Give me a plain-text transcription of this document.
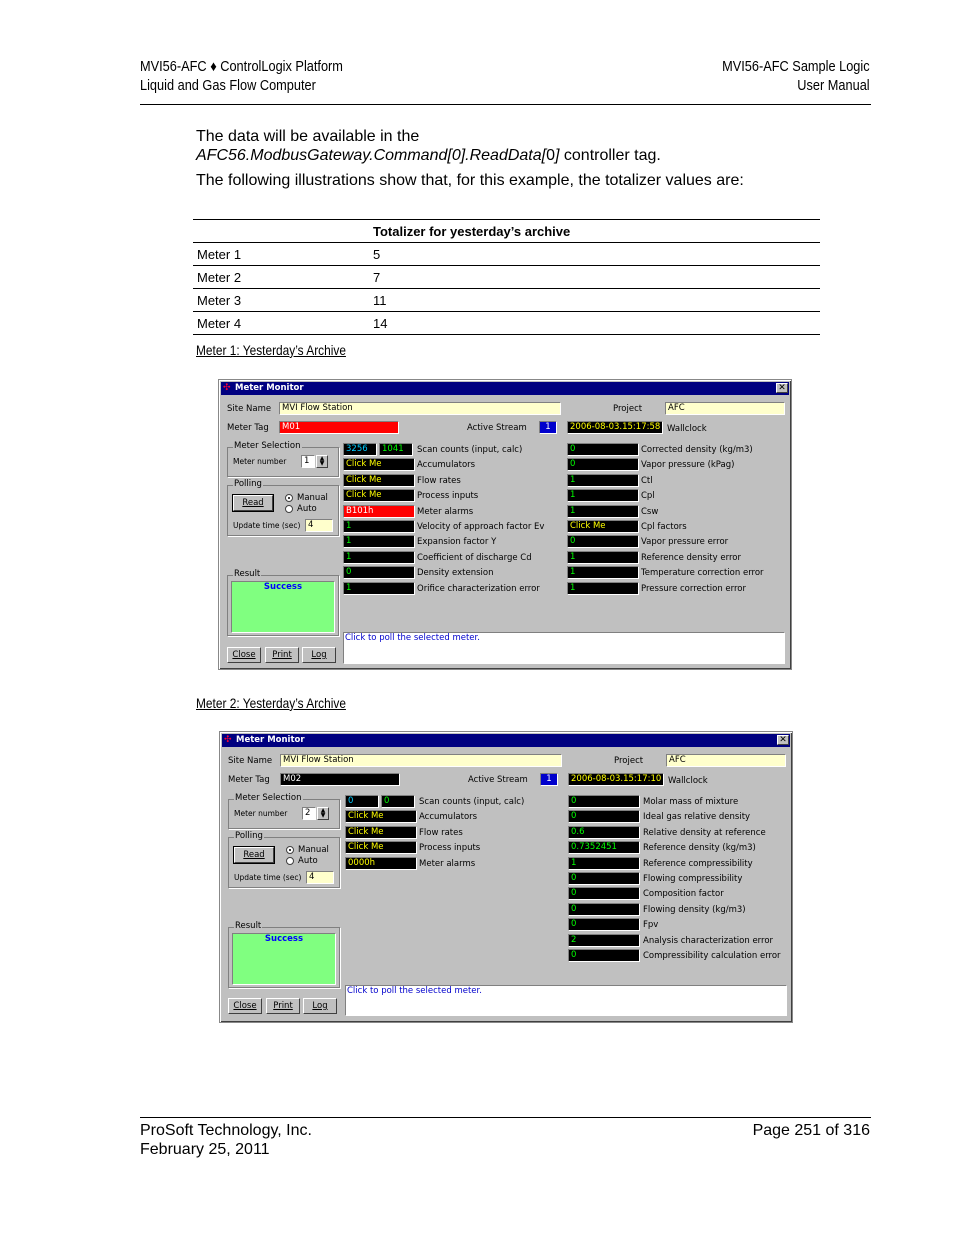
MVI56-AFC ♦ ControlLogix Platform
Liquid and Gas Flow Computer
MVI56-AFC Sample Logic
User Manual
The data will be available in the
AFC56.ModbusGateway.Command[0].ReadData[0] controller tag.
The following illustrations show that, for this example, the totalizer values are:
	Totalizer for yesterday’s archive
Meter 1	5
Meter 2	7
Meter 3	11
Meter 4	14
Meter 1: Yesterday’s Archive
✣ Meter Monitor	✕
Site Name	MVI Flow Station	Project	AFC
Meter Tag	M01	Active Stream	1	2006-08-03.15:17:58 Wallclock
Meter Selection
Meter number	1	▲
▼
Polling
Read	Manual
Auto
Update time (sec) 4
Result
Success
Close	Print	Log
Click to poll the selected meter.
3256	1041	Scan counts (input, calc)
Click Me	Accumulators
Click Me	Flow rates
Click Me	Process inputs
B101h	Meter alarms
1	Velocity of approach factor Ev
1	Expansion factor Y
1	Coefficient of discharge Cd
0	Density extension
1	Orifice characterization error
0	Corrected density (kg/m3)
0	Vapor pressure (kPag)
1	Ctl
1	Cpl
1	Csw
Click Me	Cpl factors
0	Vapor pressure error
1	Reference density error
1	Temperature correction error
1	Pressure correction error
Meter 2: Yesterday’s Archive
✣ Meter Monitor	✕
Site Name	MVI Flow Station	Project	AFC
Meter Tag	M02	Active Stream	1	2006-08-03.15:17:10 Wallclock
Meter Selection
Meter number	2	▲
▼
Polling
Read	Manual
Auto
Update time (sec) 4
Result
Success
Close	Print	Log
Click to poll the selected meter.
0	0	Scan counts (input, calc)
Click Me	Accumulators
Click Me	Flow rates
Click Me	Process inputs
0000h	Meter alarms
0	Molar mass of mixture
0	Ideal gas relative density
0.6	Relative density at reference
0.7352451	Reference density (kg/m3)
1	Reference compressibility
0	Flowing compressibility
0	Composition factor
0	Flowing density (kg/m3)
0	Fpv
2	Analysis characterization error
0	Compressibility calculation error
ProSoft Technology, Inc.
February 25, 2011
Page 251 of 316
